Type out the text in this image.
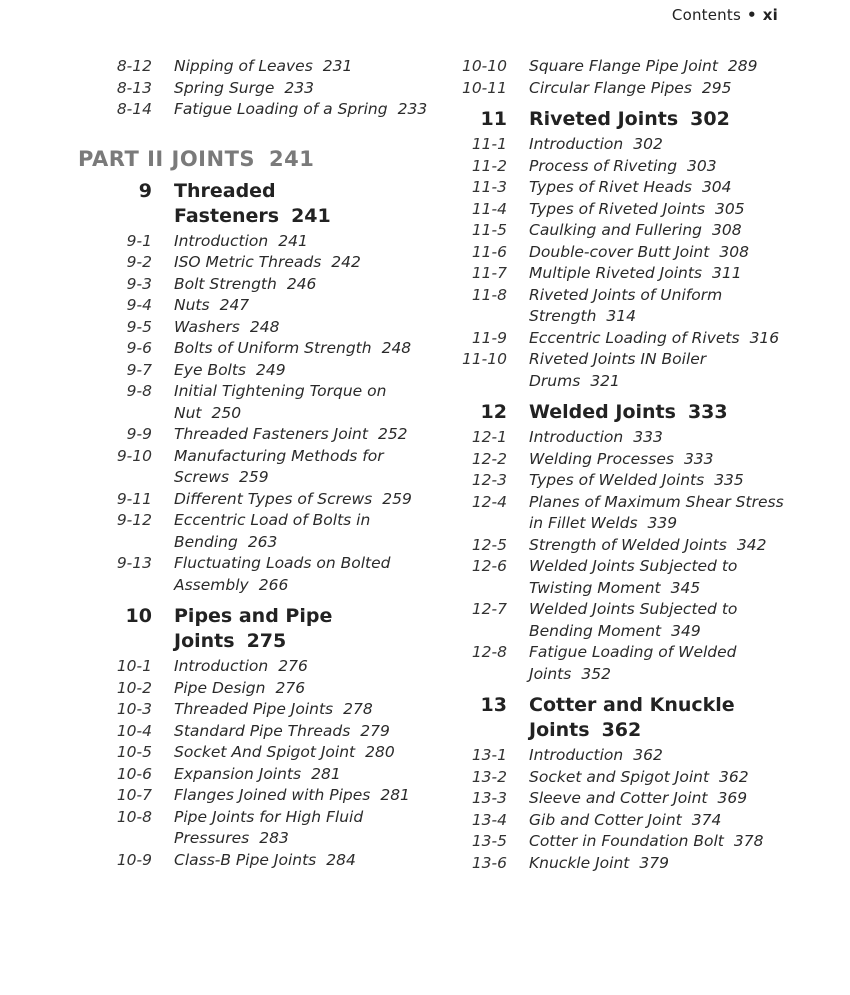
Contents • xi
8-12	Nipping of Leaves 231
8-13	Spring Surge 233
8-14	Fatigue Loading of a Spring 233
PART II JOINTS 241
9	Threaded Fasteners 241
9-1	Introduction 241
9-2	ISO Metric Threads 242
9-3	Bolt Strength 246
9-4	Nuts 247
9-5	Washers 248
9-6	Bolts of Uniform Strength 248
9-7	Eye Bolts 249
9-8	Initial Tightening Torque on Nut 250
9-9	Threaded Fasteners Joint 252
9-10	Manufacturing Methods for Screws 259
9-11	Different Types of Screws 259
9-12	Eccentric Load of Bolts in Bending 263
9-13	Fluctuating Loads on Bolted Assembly 266
10	Pipes and Pipe Joints 275
10-1	Introduction 276
10-2	Pipe Design 276
10-3	Threaded Pipe Joints 278
10-4	Standard Pipe Threads 279
10-5	Socket And Spigot Joint 280
10-6	Expansion Joints 281
10-7	Flanges Joined with Pipes 281
10-8	Pipe Joints for High Fluid Pressures 283
10-9	Class-B Pipe Joints 284
10-10	Square Flange Pipe Joint 289
10-11	Circular Flange Pipes 295
11	Riveted Joints 302
11-1	Introduction 302
11-2	Process of Riveting 303
11-3	Types of Rivet Heads 304
11-4	Types of Riveted Joints 305
11-5	Caulking and Fullering 308
11-6	Double-cover Butt Joint 308
11-7	Multiple Riveted Joints 311
11-8	Riveted Joints of Uniform Strength 314
11-9	Eccentric Loading of Rivets 316
11-10	Riveted Joints IN Boiler Drums 321
12	Welded Joints 333
12-1	Introduction 333
12-2	Welding Processes 333
12-3	Types of Welded Joints 335
12-4	Planes of Maximum Shear Stress in Fillet Welds 339
12-5	Strength of Welded Joints 342
12-6	Welded Joints Subjected to Twisting Moment 345
12-7	Welded Joints Subjected to Bending Moment 349
12-8	Fatigue Loading of Welded Joints 352
13	Cotter and Knuckle Joints 362
13-1	Introduction 362
13-2	Socket and Spigot Joint 362
13-3	Sleeve and Cotter Joint 369
13-4	Gib and Cotter Joint 374
13-5	Cotter in Foundation Bolt 378
13-6	Knuckle Joint 379
